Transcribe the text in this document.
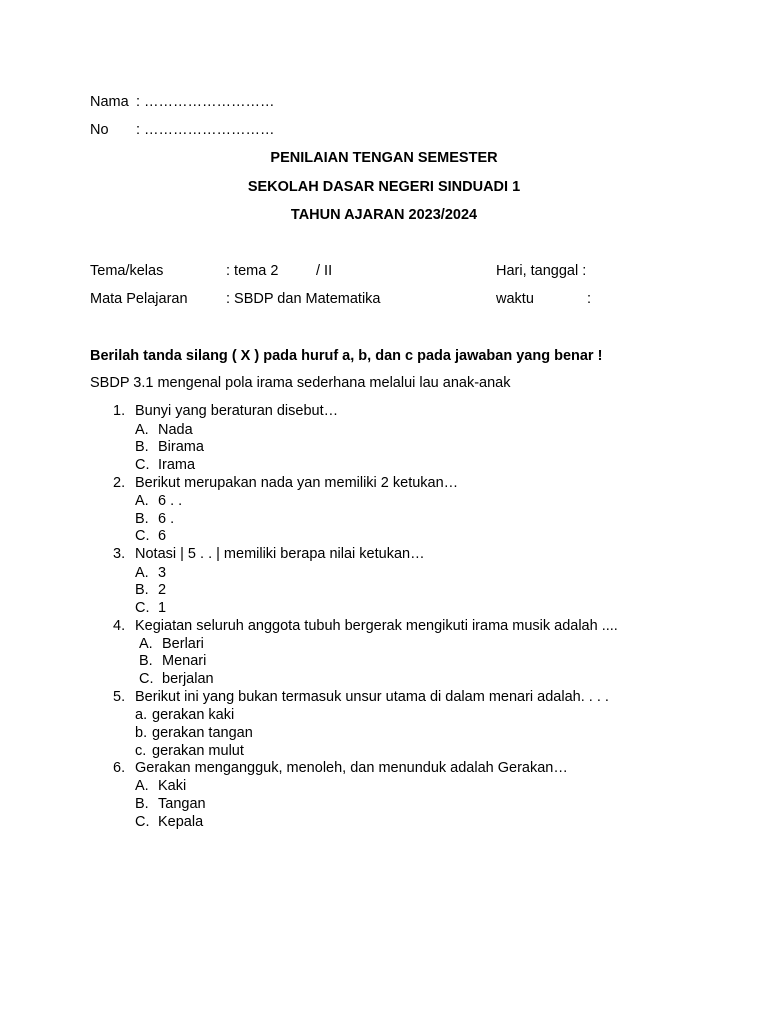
Nama : ………………………
No : ………………………
PENILAIAN TENGAN SEMESTER
SEKOLAH DASAR NEGERI SINDUADI 1
TAHUN AJARAN 2023/2024
Tema/kelas	: tema 2	/ II	Hari, tanggal :
Mata Pelajaran	: SBDP dan Matematika	waktu	:
Berilah tanda silang ( X ) pada huruf a, b, dan c pada jawaban yang benar !
SBDP 3.1 mengenal pola irama sederhana melalui lau anak-anak
1. Bunyi yang beraturan disebut…
A. Nada
B. Birama
C. Irama
2. Berikut merupakan nada yan memiliki 2 ketukan…
A. 6 . .
B. 6 .
C. 6
3. Notasi | 5 . . | memiliki berapa nilai ketukan…
A. 3
B. 2
C. 1
4. Kegiatan seluruh anggota tubuh bergerak mengikuti irama musik adalah ....
A. Berlari
B. Menari
C. berjalan
5. Berikut ini yang bukan termasuk unsur utama di dalam menari adalah. . . .
a. gerakan kaki
b. gerakan tangan
c. gerakan mulut
6. Gerakan mengangguk, menoleh, dan menunduk adalah Gerakan…
A. Kaki
B. Tangan
C. Kepala
